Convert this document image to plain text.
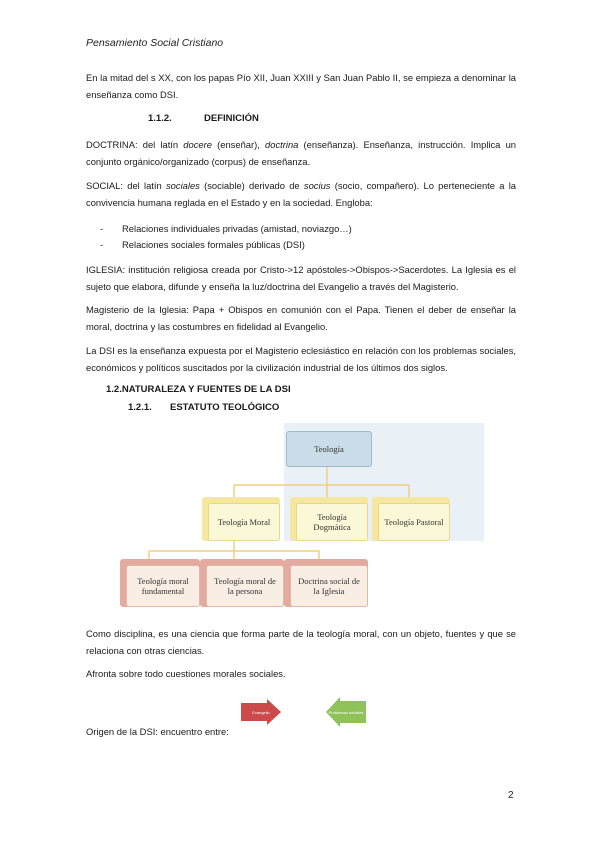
Pensamiento Social Cristiano
En la mitad del s XX, con los papas Pío XII, Juan XXIII y San Juan Pablo II, se empieza a denominar la enseñanza como DSI.
1.1.2.	DEFINICIÓN
DOCTRINA: del latín docere (enseñar), doctrina (enseñanza). Enseñanza, instrucción. Implica un conjunto orgánico/organizado (corpus) de enseñanza.
SOCIAL: del latín sociales (sociable) derivado de socius (socio, compañero). Lo perteneciente a la convivencia humana reglada en el Estado y en la sociedad. Engloba:
- Relaciones individuales privadas (amistad, noviazgo…)
- Relaciones sociales formales públicas (DSI)
IGLESIA: institución religiosa creada por Cristo->12 apóstoles->Obispos->Sacerdotes. La Iglesia es el sujeto que elabora, difunde y enseña la luz/doctrina del Evangelio a través del Magisterio.
Magisterio de la Iglesia: Papa + Obispos en comunión con el Papa. Tienen el deber de enseñar la moral, doctrina y las costumbres en fidelidad al Evangelio.
La DSI es la enseñanza expuesta por el Magisterio eclesiástico en relación con los problemas sociales, económicos y políticos suscitados por la civilización industrial de los últimos dos siglos.
1.2.NATURALEZA Y FUENTES DE LA DSI
1.2.1. ESTATUTO TEOLÓGICO
Teología
Teología Moral	Teología Dogmática	Teología Pastoral
Teología moral fundamental
Teología moral de la persona
Doctrina social de la Iglesia
Como disciplina, es una ciencia que forma parte de la teología moral, con un objeto, fuentes y que se relaciona con otras ciencias.
Afronta sobre todo cuestiones morales sociales.
Evangelio	Problemas sociales
Origen de la DSI: encuentro entre:
2
